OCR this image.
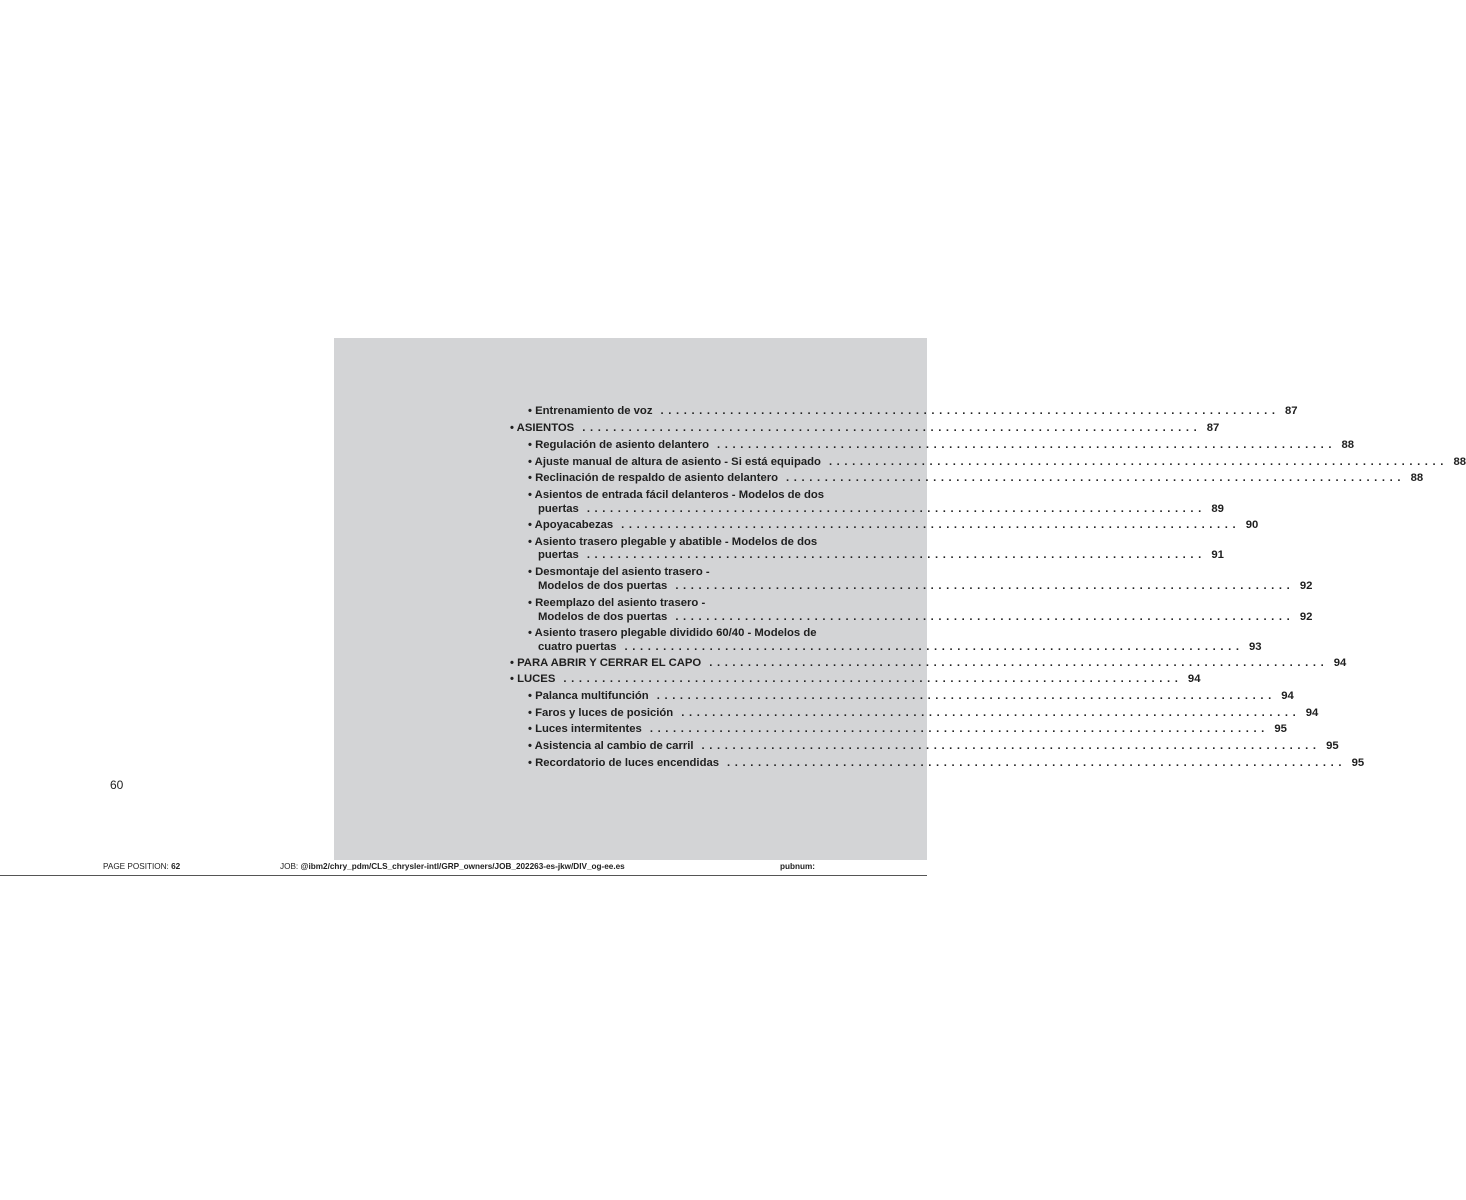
• Entrenamiento de voz ................................................................................ 87
• ASIENTOS ................................................................................ 87
• Regulación de asiento delantero ................................................................................ 88
• Ajuste manual de altura de asiento - Si está equipado ................................................................................ 88
• Reclinación de respaldo de asiento delantero ................................................................................ 88
• Asientos de entrada fácil delanteros - Modelos de dos
puertas ................................................................................ 89
• Apoyacabezas ................................................................................ 90
• Asiento trasero plegable y abatible - Modelos de dos
puertas ................................................................................ 91
• Desmontaje del asiento trasero -
Modelos de dos puertas ................................................................................ 92
• Reemplazo del asiento trasero -
Modelos de dos puertas ................................................................................ 92
• Asiento trasero plegable dividido 60/40 - Modelos de
cuatro puertas ................................................................................ 93
• PARA ABRIR Y CERRAR EL CAPO ................................................................................ 94
• LUCES ................................................................................ 94
• Palanca multifunción ................................................................................ 94
• Faros y luces de posición ................................................................................ 94
• Luces intermitentes ................................................................................ 95
• Asistencia al cambio de carril ................................................................................ 95
• Recordatorio de luces encendidas ................................................................................ 95
60
PAGE POSITION: 62	JOB: @ibm2/chry_pdm/CLS_chrysler-intl/GRP_owners/JOB_202263-es-jkw/DIV_og-ee.es	pubnum:
